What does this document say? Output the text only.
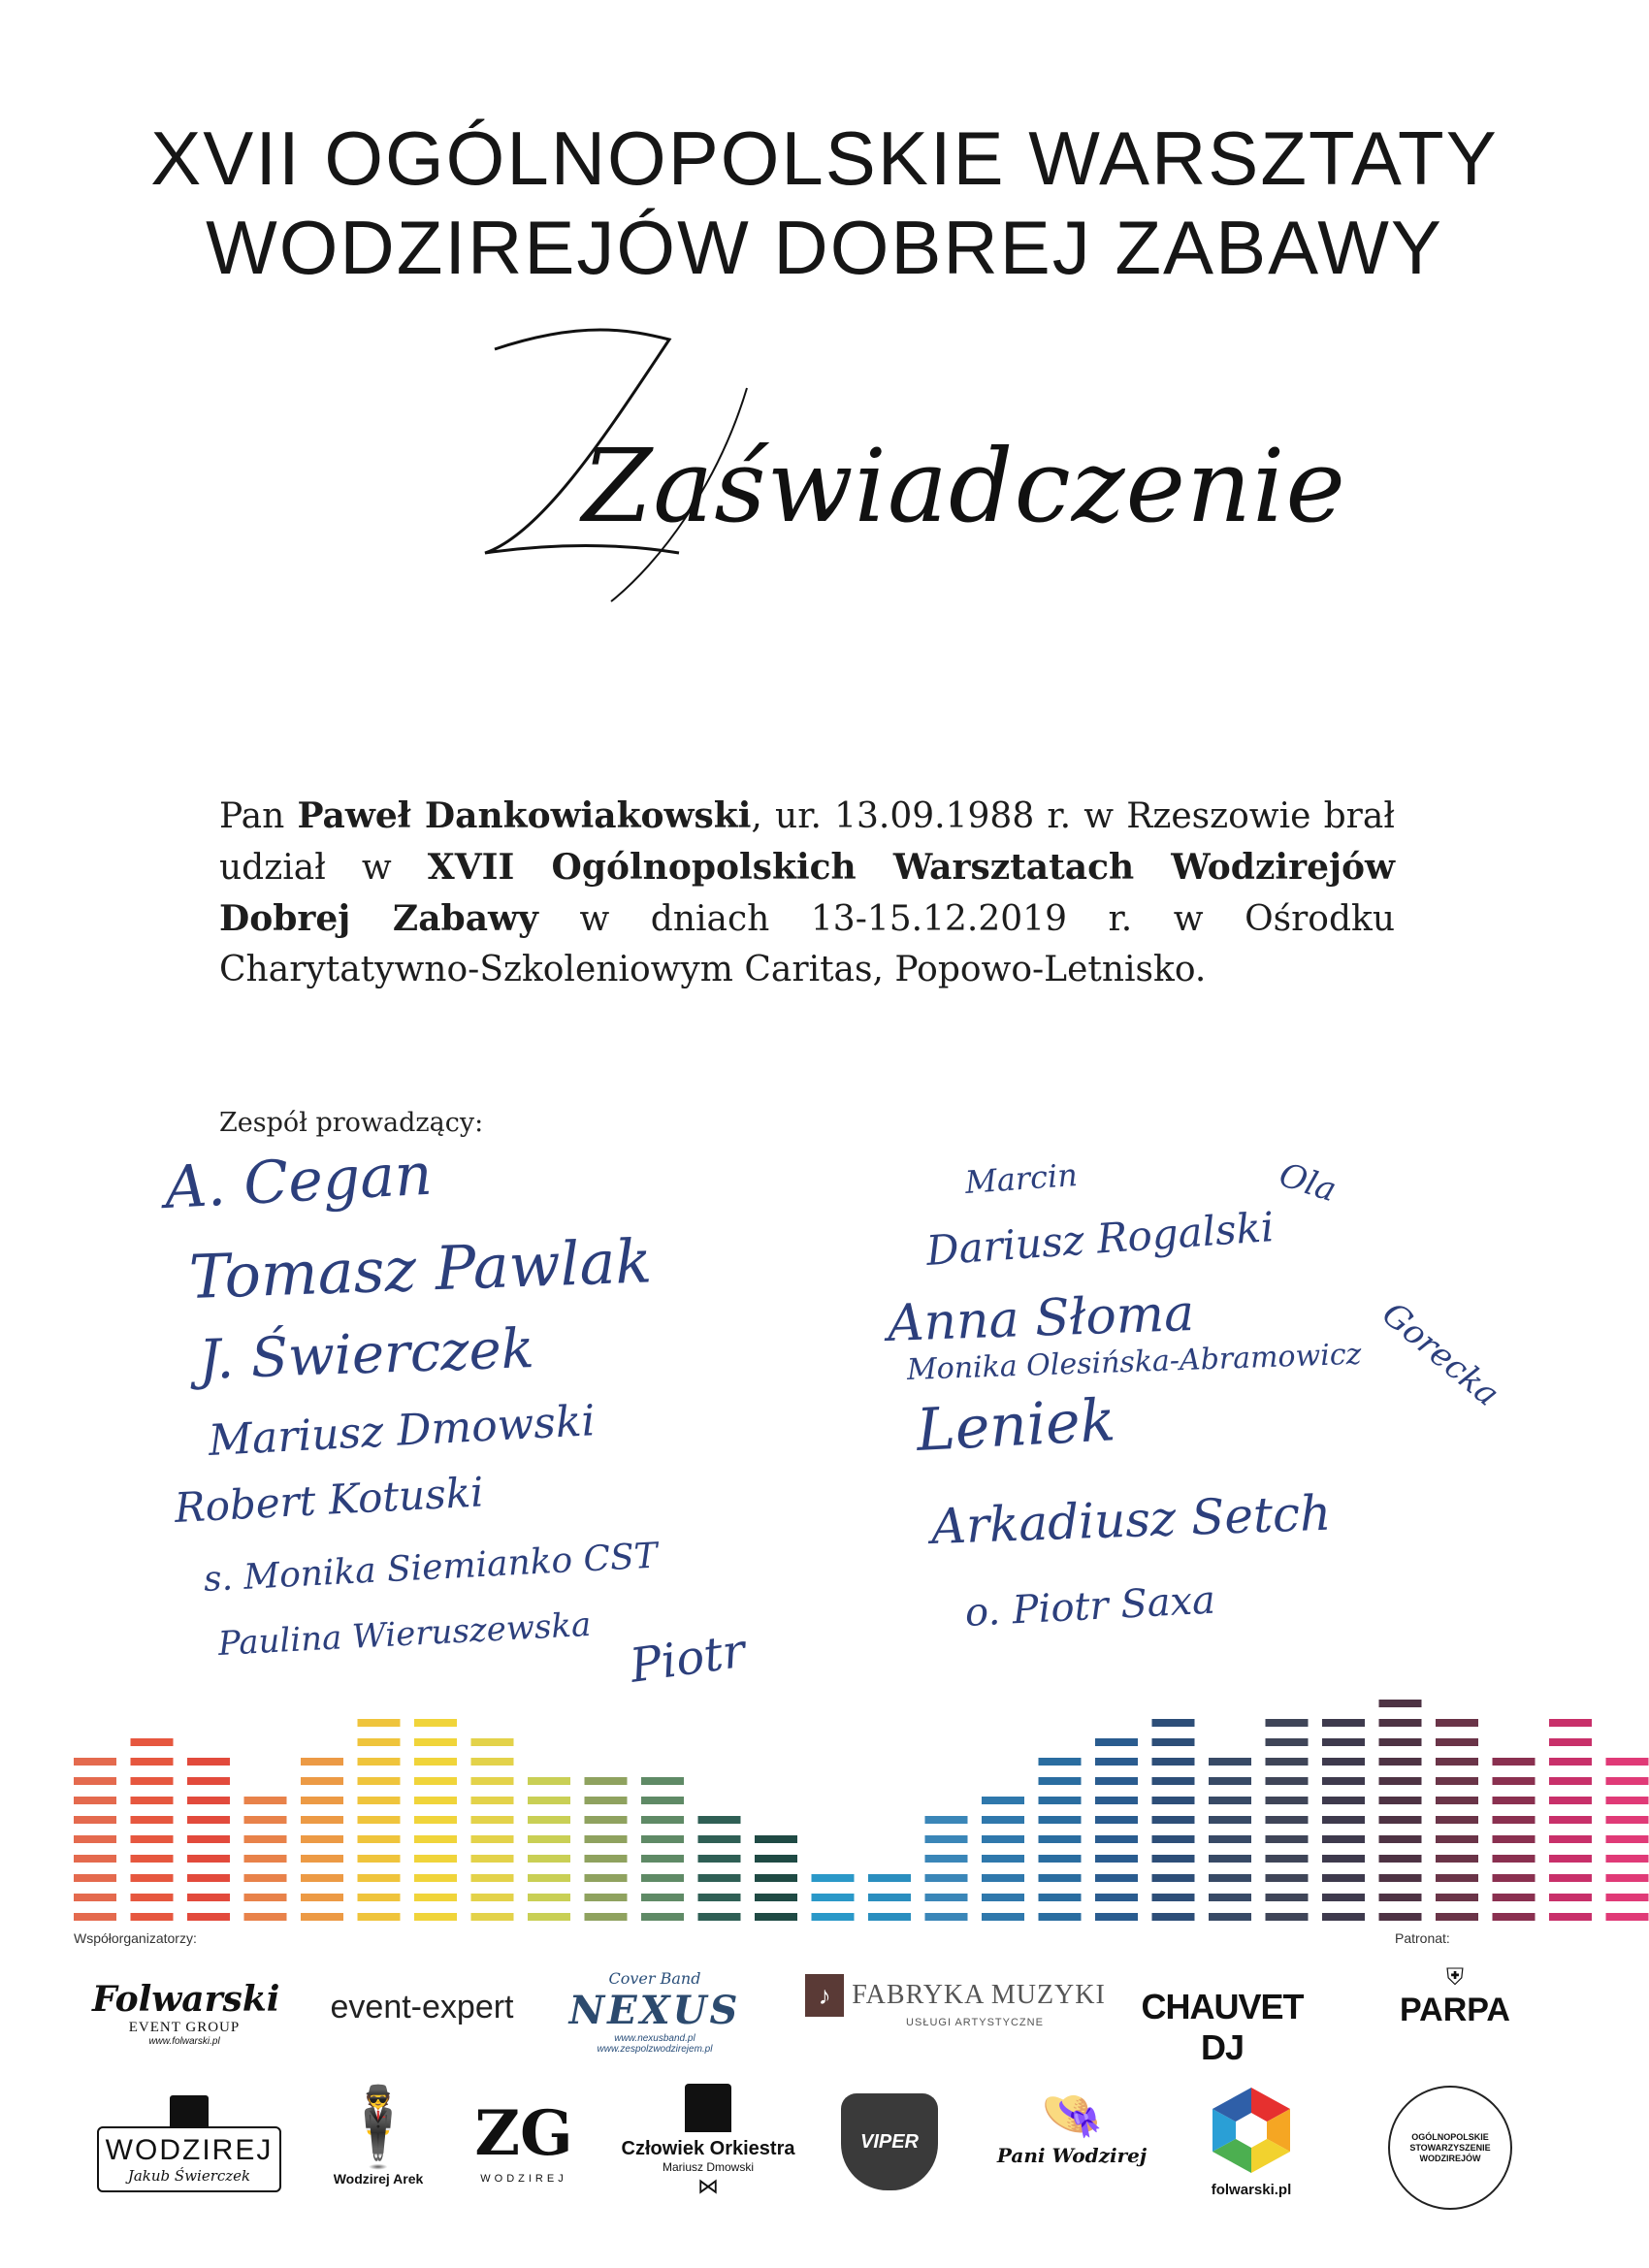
XVII OGÓLNOPOLSKIE WARSZTATY
WODZIREJÓW DOBREJ ZABAWY
Zaświadczenie
Pan Paweł Dankowiakowski, ur. 13.09.1988 r. w Rzeszowie brał udział w XVII Ogólnopolskich Warsztatach Wodzirejów Dobrej Zabawy w dniach 13-15.12.2019 r. w Ośrodku Charytatywno-Szkoleniowym Caritas, Popowo-Letnisko.
Zespół prowadzący:
A. Cegan
Tomasz Pawlak
J. Świerczek
Mariusz Dmowski
Robert Kotuski
s. Monika Siemianko CST
Paulina Wieruszewska Piotr
Marcin	Ola
Dariusz Rogalski
Anna Słoma
Monika Olesińska-Abramowicz
Leniek
Arkadiusz Setch
o. Piotr Saxa
Gorecka
Współorganizatorzy:	Patronat:
Folwarski
EVENT GROUP
www.folwarski.pl
event-expert
Cover Band
NEXUS
www.nexusband.pl
www.zespolzwodzirejem.pl
♪ FABRYKA MUZYKI
USŁUGI ARTYSTYCZNE	CHAUVET DJ
⛨
PARPA
WODZIREJ
Jakub Świerczek
🕴
Wodzirej Arek
ZG
WODZIREJ
Człowiek Orkiestra
Mariusz Dmowski
⋈
VIPER	👒
Pani Wodzirej
folwarski.pl
OGÓLNOPOLSKIE STOWARZYSZENIE WODZIREJÓW
